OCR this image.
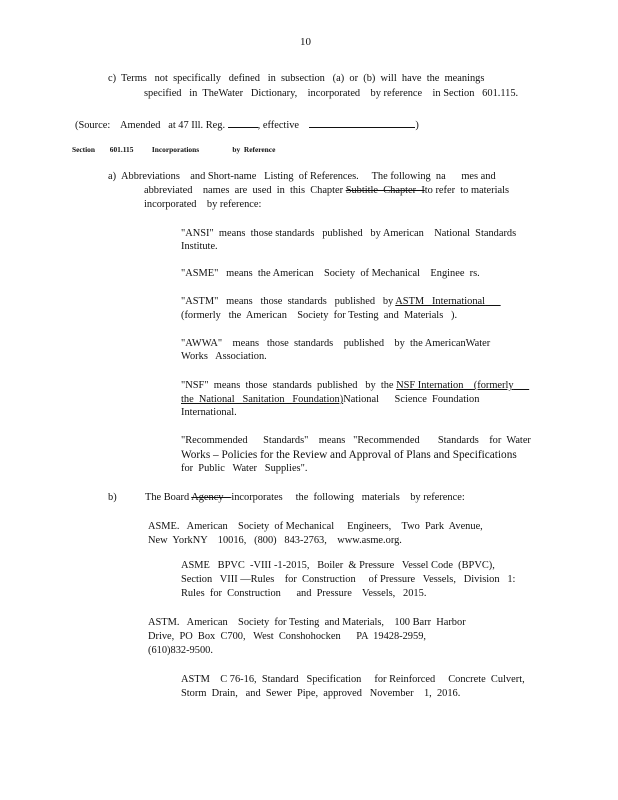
10
c) Terms   not  specifically   defined   in  subsection   (a)  or  (b)  will  have  the  meanings
specified   in  TheWater   Dictionary,    incorporated    by reference    in Section   601.115.
(Source:    Amended   at 47 Ill. Reg.	, effective	)
Section 601.115 Incorporations	by  Reference
a) Abbreviations    and Short-name   Listing  of References.     The following  na      mes and
abbreviated    names  are  used  in  this  Chapter Subtitle  Chapter  Ito refer  to materials
incorporated    by reference:
"ANSI"  means  those standards   published   by American    National  Standards
Institute.
"ASME"   means  the American    Society  of Mechanical    Enginee  rs.
"ASTM"   means   those  standards   published   by ASTM   International
(formerly   the  American    Society  for Testing  and  Materials   ).
"AWWA"    means   those  standards    published    by  the AmericanWater
Works   Association.
"NSF"  means  those  standards  published   by  the NSF Internation    (formerly
the  National   Sanitation   Foundation)National      Science  Foundation
International.
"Recommended      Standards"    means   "Recommended       Standards    for  Water
Works – Policies for the Review and Approval of Plans and Specifications
for  Public   Water   Supplies".
b)	The Board Agency incorporates     the  following   materials    by reference:
ASME.   American    Society  of Mechanical     Engineers,    Two  Park  Avenue,
New  YorkNY    10016,   (800)   843-2763,    www.asme.org.
ASME   BPVC  -VIII -1-2015,   Boiler  & Pressure   Vessel Code  (BPVC),
Section   VIII —Rules    for  Construction     of Pressure   Vessels,   Division   1:
Rules  for  Construction      and  Pressure    Vessels,   2015.
ASTM.   American    Society  for Testing  and Materials,    100 Barr  Harbor
Drive,  PO  Box  C700,   West  Conshohocken      PA  19428-2959,
(610)832-9500.
ASTM    C 76-16,  Standard   Specification     for Reinforced     Concrete  Culvert,
Storm  Drain,   and  Sewer  Pipe,  approved   November    1,  2016.
